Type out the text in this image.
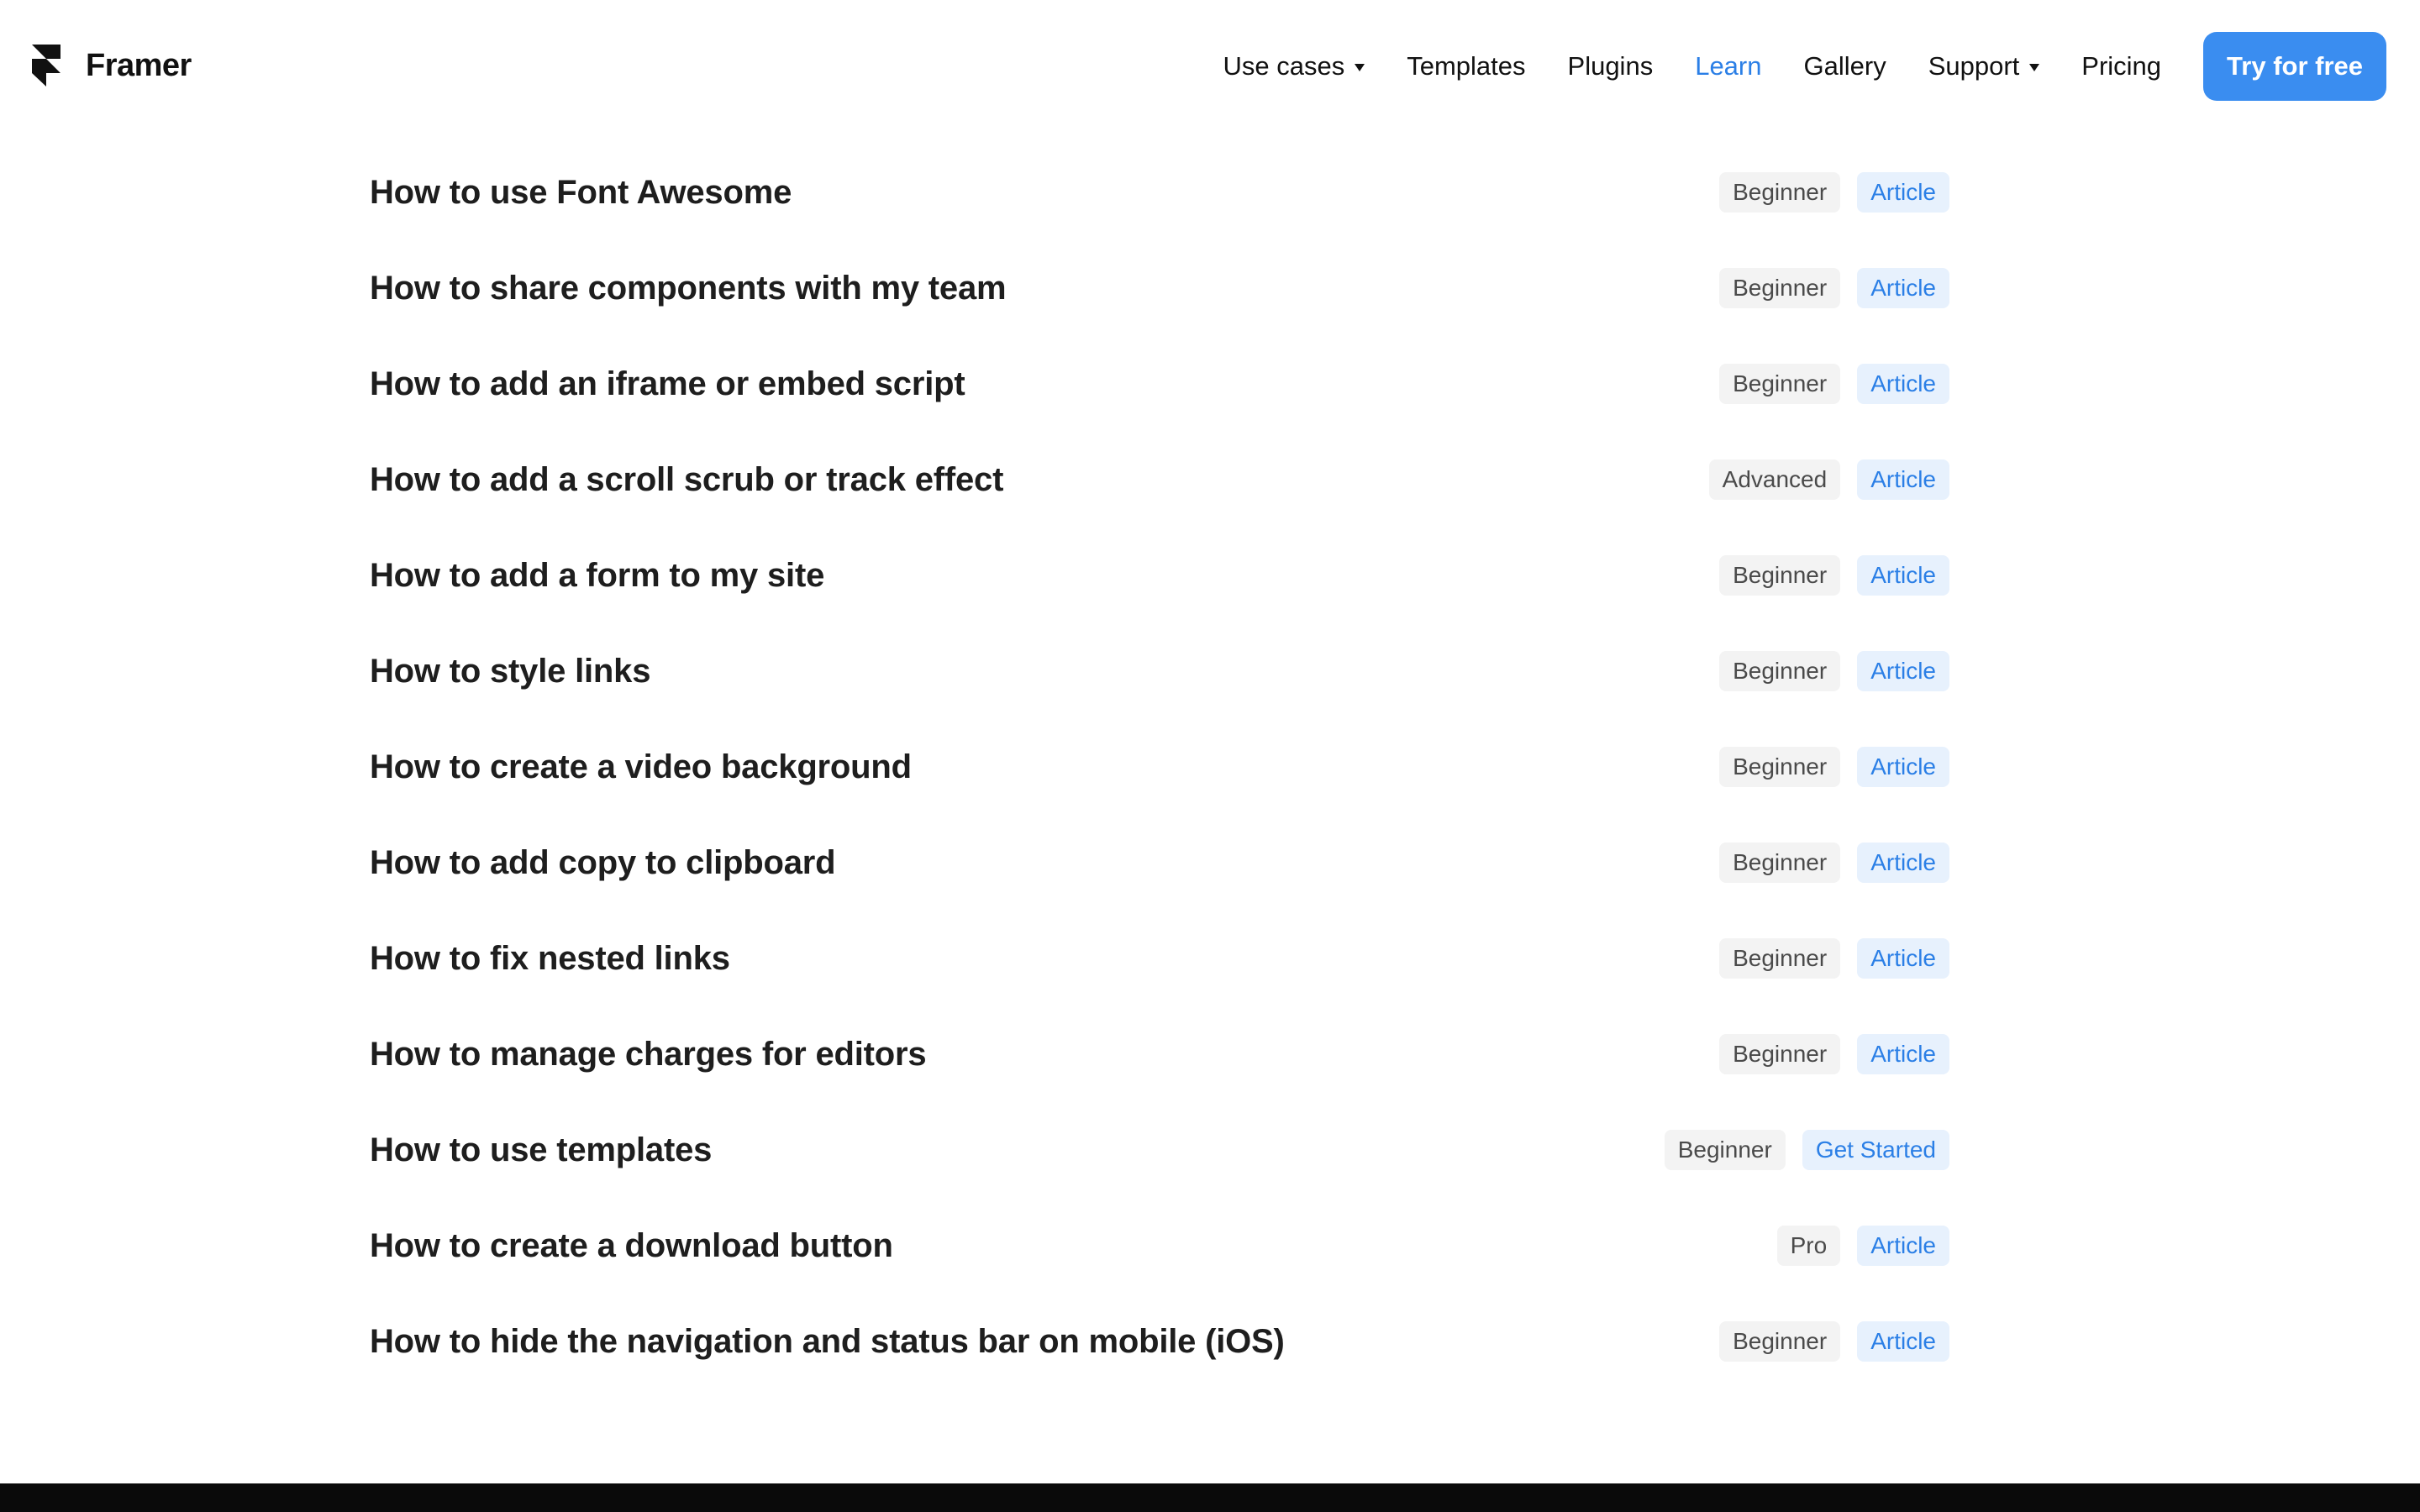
Framer	Use cases Templates Plugins Learn Gallery Support Pricing	Try for free
How to use Font Awesome	Beginner	Article
How to share components with my team	Beginner	Article
How to add an iframe or embed script	Beginner	Article
How to add a scroll scrub or track effect	Advanced	Article
How to add a form to my site	Beginner	Article
How to style links	Beginner	Article
How to create a video background	Beginner	Article
How to add copy to clipboard	Beginner	Article
How to fix nested links	Beginner	Article
How to manage charges for editors	Beginner	Article
How to use templates	Beginner	Get Started
How to create a download button	Pro	Article
How to hide the navigation and status bar on mobile (iOS)	Beginner	Article
